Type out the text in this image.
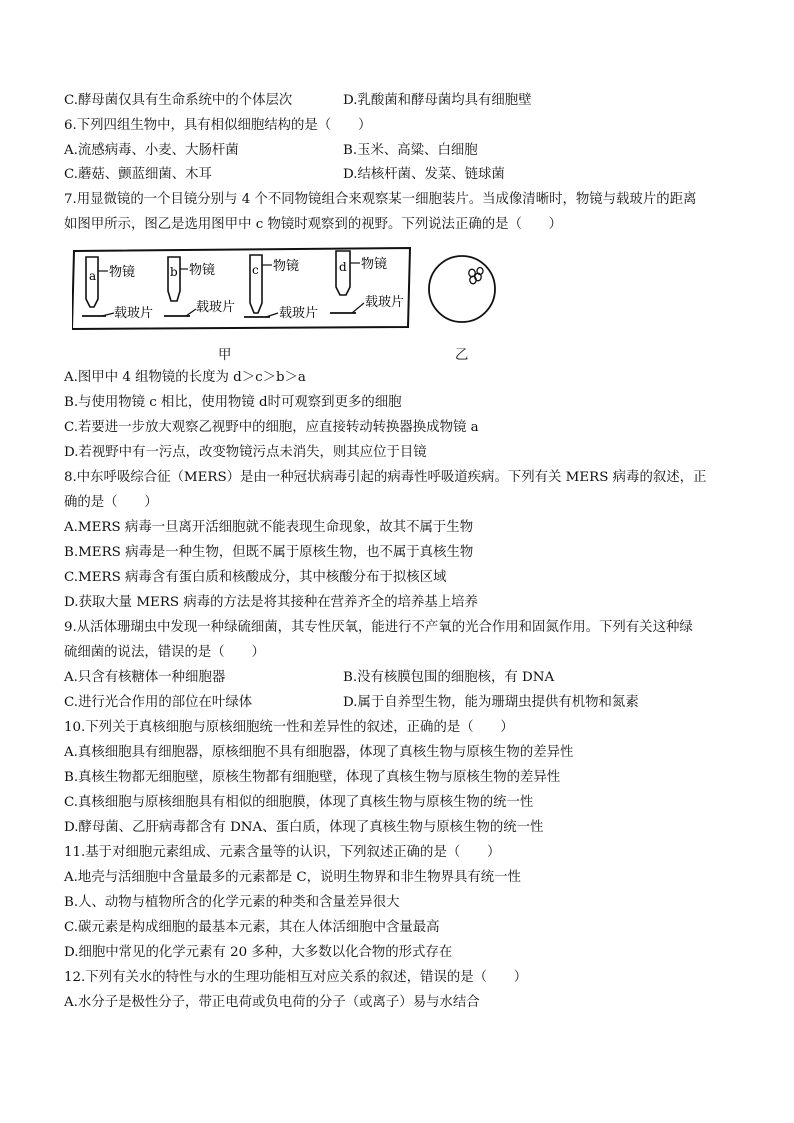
C.酵母菌仅具有生命系统中的个体层次	D.乳酸菌和酵母菌均具有细胞壁
6.下列四组生物中，具有相似细胞结构的是（　　）
A.流感病毒、小麦、大肠杆菌	B.玉米、高粱、白细胞
C.蘑菇、颤蓝细菌、木耳	D.结核杆菌、发菜、链球菌
7.用显微镜的一个目镜分别与 4 个不同物镜组合来观察某一细胞装片。当成像清晰时，物镜与载玻片的距离
如图甲所示，图乙是选用图甲中 c 物镜时观察到的视野。下列说法正确的是（　　）
a 物镜
载玻片
b 物镜
载玻片
c 物镜
载玻片
d 物镜
载玻片
甲	乙
A.图甲中 4 组物镜的长度为 d＞c＞b＞a
B.与使用物镜 c 相比，使用物镜 d时可观察到更多的细胞
C.若要进一步放大观察乙视野中的细胞，应直接转动转换器换成物镜 a
D.若视野中有一污点，改变物镜污点未消失，则其应位于目镜
8.中东呼吸综合征（MERS）是由一种冠状病毒引起的病毒性呼吸道疾病。下列有关 MERS 病毒的叙述，正
确的是（　　）
A.MERS 病毒一旦离开活细胞就不能表现生命现象，故其不属于生物
B.MERS 病毒是一种生物，但既不属于原核生物，也不属于真核生物
C.MERS 病毒含有蛋白质和核酸成分，其中核酸分布于拟核区域
D.获取大量 MERS 病毒的方法是将其接种在营养齐全的培养基上培养
9.从活体珊瑚虫中发现一种绿硫细菌，其专性厌氧，能进行不产氧的光合作用和固氮作用。下列有关这种绿
硫细菌的说法，错误的是（　　）
A.只含有核糖体一种细胞器	B.没有核膜包围的细胞核，有 DNA
C.进行光合作用的部位在叶绿体	D.属于自养型生物，能为珊瑚虫提供有机物和氮素
10.下列关于真核细胞与原核细胞统一性和差异性的叙述，正确的是（　　）
A.真核细胞具有细胞器，原核细胞不具有细胞器，体现了真核生物与原核生物的差异性
B.真核生物都无细胞壁，原核生物都有细胞壁，体现了真核生物与原核生物的差异性
C.真核细胞与原核细胞具有相似的细胞膜，体现了真核生物与原核生物的统一性
D.酵母菌、乙肝病毒都含有 DNA、蛋白质，体现了真核生物与原核生物的统一性
11.基于对细胞元素组成、元素含量等的认识，下列叙述正确的是（　　）
A.地壳与活细胞中含量最多的元素都是 C，说明生物界和非生物界具有统一性
B.人、动物与植物所含的化学元素的种类和含量差异很大
C.碳元素是构成细胞的最基本元素，其在人体活细胞中含量最高
D.细胞中常见的化学元素有 20 多种，大多数以化合物的形式存在
12.下列有关水的特性与水的生理功能相互对应关系的叙述，错误的是（　　）
A.水分子是极性分子，带正电荷或负电荷的分子（或离子）易与水结合
